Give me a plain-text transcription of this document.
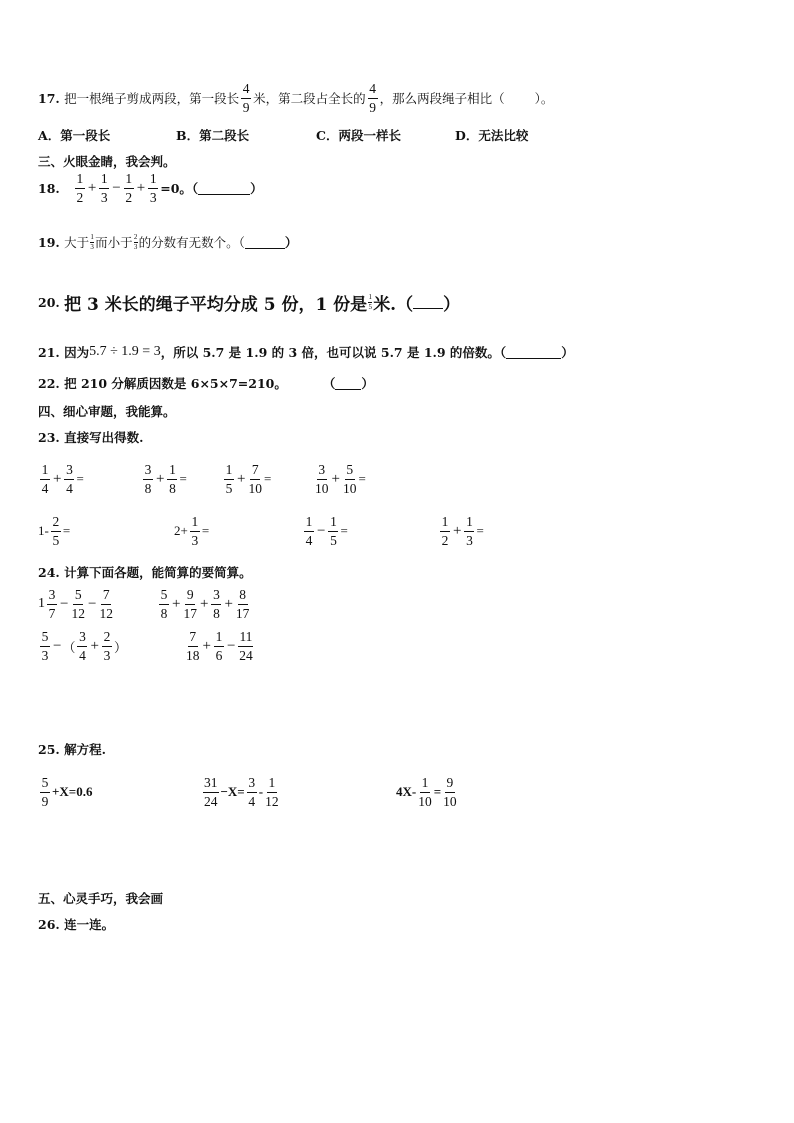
17.
把一根绳子剪成两段，第一段长 $\frac{4}{9}$ 米，第二段占全长的 $\frac{4}{9}$ ，那么两段绳子相比（ ）。
A．第一段长	B．第二段长	C．两段一样长	D．无法比较
三、火眼金睛，我会判。
18.
$\frac{1}{2} + \frac{1}{3} - \frac{1}{2} + \frac{1}{3} =0$。（	）
19.
大于 $\frac{1}{3}$ 而小于 $\frac{2}{3}$ 的分数有无数个。（	）
20.
把 3 米长的绳子平均分成 5 份，1 份是 $\frac{1}{5}$ 米.（ ）
21.
因为 5.7 ÷ 1.9 = 3 ，所以 5.7 是 1.9 的 3 倍，也可以说 5.7 是 1.9 的倍数。（	）
22.
把 210 分解质因数是 6×5×7=210。	（ ）
四、细心审题，我能算。
23.
直接写出得数.
$\frac{1}{4} + \frac{3}{4}$ =	$\frac{3}{8} + \frac{1}{8}$ =	$\frac{1}{5} + \frac{7}{10}$ =	$\frac{3}{10} + \frac{5}{10}$ =
$1- \frac{2}{5}$ =	$2+ \frac{1}{3}$ =	$\frac{1}{4} - \frac{1}{5}$ =	$\frac{1}{2} + \frac{1}{3}$ =
24.
计算下面各题，能简算的要简算。
$1 \frac{3}{7} - \frac{5}{12} - \frac{7}{12}$	$\frac{5}{8} + \frac{9}{17} + \frac{3}{8} + \frac{8}{17}$
$\frac{5}{3}$ − （ $\frac{3}{4} + \frac{2}{3}$ ）	$\frac{7}{18} + \frac{1}{6} - \frac{11}{24}$
25.
解方程.
$\frac{5}{9} +X=0.6$	$\frac{31}{24} -X= \frac{3}{4} - \frac{1}{12}$	$4X- \frac{1}{10} = \frac{9}{10}$
五、心灵手巧，我会画
26.
连一连。
